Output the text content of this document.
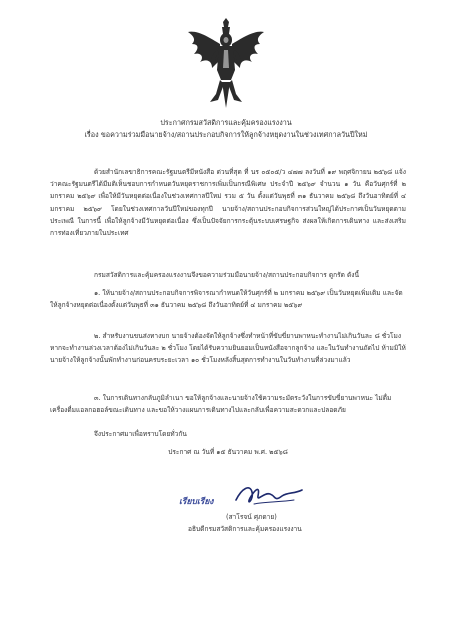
ประกาศกรมสวัสดิการและคุ้มครองแรงงาน
เรื่อง ขอความร่วมมือนายจ้าง/สถานประกอบกิจการให้ลูกจ้างหยุดงานในช่วงเทศกาลวันปีใหม่
ด้วยสำนักเลขาธิการคณะรัฐมนตรีมีหนังสือ ด่วนที่สุด ที่ นร ๐๕๐๕/ว ๔๗๗ ลงวันที่ ๑๙ พฤศจิกายน ๒๕๖๘ แจ้งว่าคณะรัฐมนตรีได้มีมติเห็นชอบการกำหนดวันหยุดราชการเพิ่มเป็นกรณีพิเศษ ประจำปี ๒๕๖๙ จำนวน ๑ วัน คือวันศุกร์ที่ ๒ มกราคม ๒๕๖๙ เพื่อให้มีวันหยุดต่อเนื่องในช่วงเทศกาลปีใหม่ รวม ๕ วัน ตั้งแต่วันพุธที่ ๓๑ ธันวาคม ๒๕๖๘ ถึงวันอาทิตย์ที่ ๔ มกราคม ๒๕๖๙ โดยในช่วงเทศกาลวันปีใหม่ของทุกปี นายจ้าง/สถานประกอบกิจการส่วนใหญ่ได้ประกาศเป็นวันหยุดตามประเพณี ในการนี้ เพื่อให้ลูกจ้างมีวันหยุดต่อเนื่อง ซึ่งเป็นปัจจัยการกระตุ้นระบบเศรษฐกิจ ส่งผลให้เกิดการเดินทาง และส่งเสริมการท่องเที่ยวภายในประเทศ
กรมสวัสดิการและคุ้มครองแรงงานจึงขอความร่วมมือนายจ้าง/สถานประกอบกิจการ ดูกรัด ดังนี้
๑. ให้นายจ้าง/สถานประกอบกิจการพิจารณากำหนดให้วันศุกร์ที่ ๒ มกราคม ๒๕๖๙ เป็นวันหยุดเพิ่มเติม และจัดให้ลูกจ้างหยุดต่อเนื่องตั้งแต่วันพุธที่ ๓๑ ธันวาคม ๒๕๖๘ ถึงวันอาทิตย์ที่ ๔ มกราคม ๒๕๖๙
๒. สำหรับงานขนส่งทางบก นายจ้างต้องจัดให้ลูกจ้างซึ่งทำหน้าที่ขับขี่ยานพาหนะทำงานไม่เกินวันละ ๘ ชั่วโมง หากจะทำงานล่วงเวลาต้องไม่เกินวันละ ๒ ชั่วโมง โดยได้รับความยินยอมเป็นหนังสือจากลูกจ้าง และในวันทำงานถัดไป ห้ามมิให้นายจ้างให้ลูกจ้างนั้นพักทำงานก่อนครบระยะเวลา ๑๐ ชั่วโมงหลังสิ้นสุดการทำงานในวันทำงานที่ล่วงมาแล้ว
๓. ในการเดินทางกลับภูมิลำเนา ขอให้ลูกจ้างและนายจ้างใช้ความระมัดระวังในการขับขี่ยานพาหนะ ไม่ดื่มเครื่องดื่มแอลกอฮอล์ขณะเดินทาง และขอให้วางแผนการเดินทางไปและกลับเพื่อความสะดวกและปลอดภัย
จึงประกาศมาเพื่อทราบโดยทั่วกัน
ประกาศ ณ วันที่ ๑๕ ธันวาคม พ.ศ. ๒๕๖๘
เรียบเรียง
(สาโรจน์ ศุภดาย)
อธิบดีกรมสวัสดิการและคุ้มครองแรงงาน
